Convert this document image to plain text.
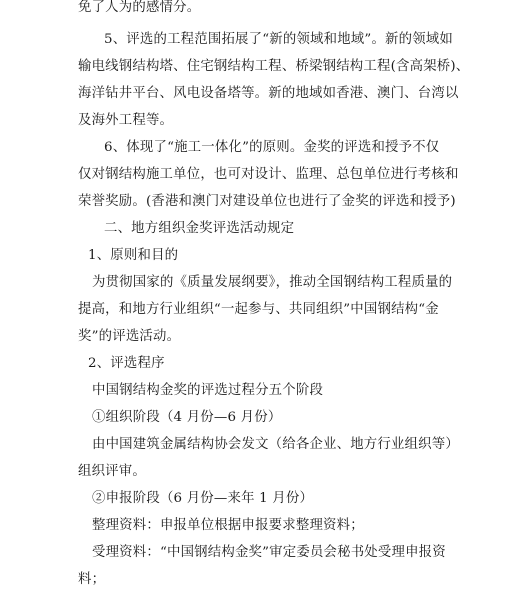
免了人为的感情分。
5、评选的工程范围拓展了“新的领域和地域”。新的领域如
输电线钢结构塔、住宅钢结构工程、桥梁钢结构工程(含高架桥)、
海洋钻井平台、风电设备塔等。新的地域如香港、澳门、台湾以
及海外工程等。
6、体现了“施工一体化”的原则。金奖的评选和授予不仅
仅对钢结构施工单位，也可对设计、监理、总包单位进行考核和
荣誉奖励。(香港和澳门对建设单位也进行了金奖的评选和授予)
二、地方组织金奖评选活动规定
1、原则和目的
为贯彻国家的《质量发展纲要》，推动全国钢结构工程质量的
提高，和地方行业组织“一起参与、共同组织”中国钢结构“金
奖”的评选活动。
2、评选程序
中国钢结构金奖的评选过程分五个阶段
①组织阶段（4 月份—6 月份）
由中国建筑金属结构协会发文（给各企业、地方行业组织等）
组织评审。
②申报阶段（6 月份—来年 1 月份）
整理资料：申报单位根据申报要求整理资料；
受理资料：“中国钢结构金奖”审定委员会秘书处受理申报资
料；
